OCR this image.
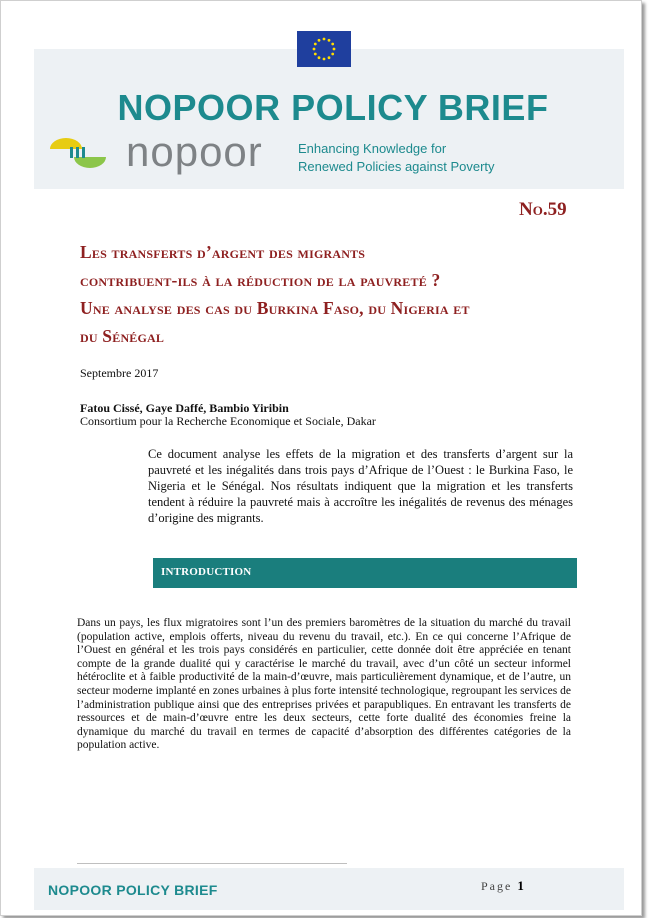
NOPOOR POLICY BRIEF
nopoor	Enhancing Knowledge for
Renewed Policies against Poverty
No.59
Les transferts d’argent des migrants
contribuent-ils à la réduction de la pauvreté ?
Une analyse des cas du Burkina Faso, du Nigeria et
du Sénégal
Septembre 2017
Fatou Cissé, Gaye Daffé, Bambio Yiribin
Consortium pour la Recherche Economique et Sociale, Dakar
Ce document analyse les effets de la migration et des transferts d’argent sur la pauvreté et les inégalités dans trois pays d’Afrique de l’Ouest : le Burkina Faso, le Nigeria et le Sénégal. Nos résultats indiquent que la migration et les transferts tendent à réduire la pauvreté mais à accroître les inégalités de revenus des ménages d’origine des migrants.
INTRODUCTION
Dans un pays, les flux migratoires sont l’un des premiers baromètres de la situation du marché du travail (population active, emplois offerts, niveau du revenu du travail, etc.). En ce qui concerne l’Afrique de l’Ouest en général et les trois pays considérés en particulier, cette donnée doit être appréciée en tenant compte de la grande dualité qui y caractérise le marché du travail, avec d’un côté un secteur informel hétéroclite et à faible productivité de la main-d’œuvre, mais particulièrement dynamique, et de l’autre, un secteur moderne implanté en zones urbaines à plus forte intensité technologique, regroupant les services de l’administration publique ainsi que des entreprises privées et parapubliques. En entravant les transferts de ressources et de main-d’œuvre entre les deux secteurs, cette forte dualité des économies freine la dynamique du marché du travail en termes de capacité d’absorption des différentes catégories de la population active.
NOPOOR POLICY BRIEF	Page 1
